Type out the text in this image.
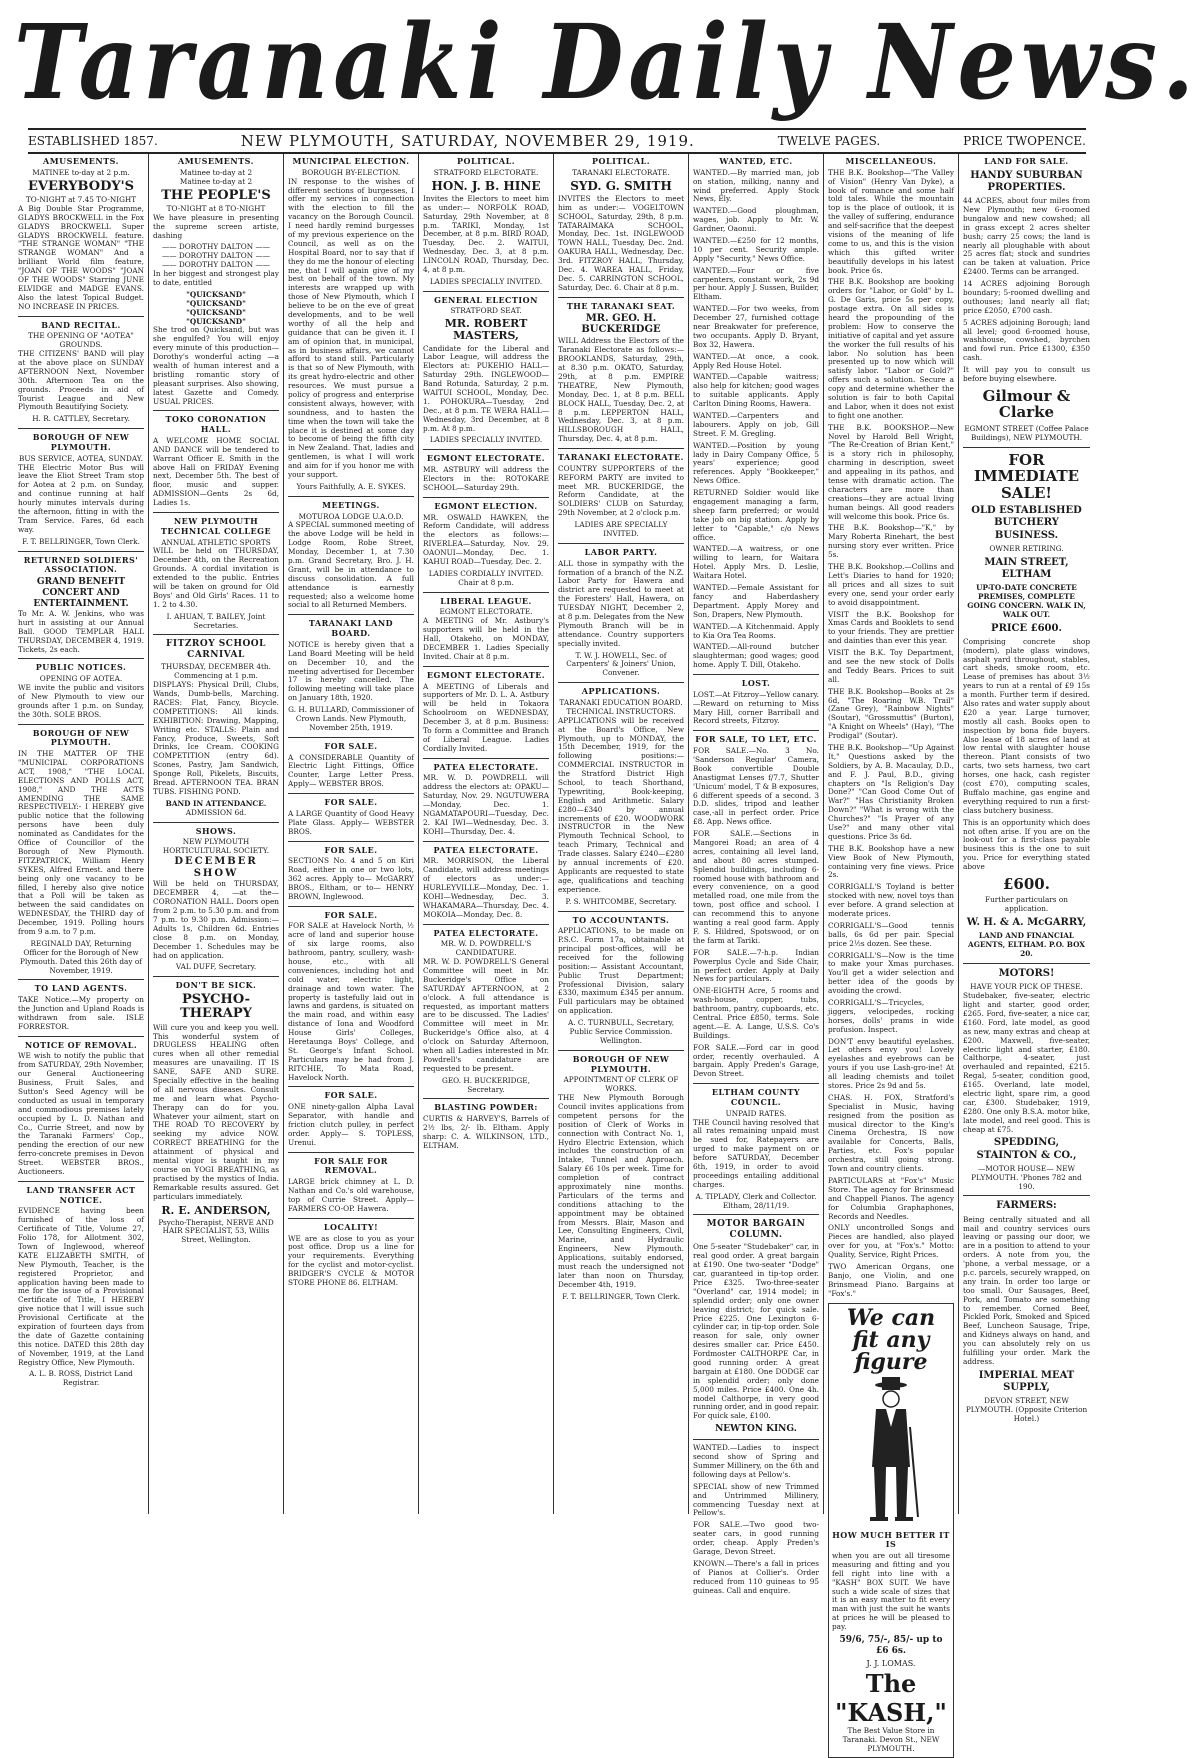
Taranaki Daily News.
ESTABLISHED 1857.	NEW PLYMOUTH, SATURDAY, NOVEMBER 29, 1919.	TWELVE PAGES.	PRICE TWOPENCE.
AMUSEMENTS.
MATINEE to-day at 2 p.m.
EVERYBODY'S
TO-NIGHT at 7.45 TO-NIGHT

A Big Double Star Programme, GLADYS BROCKWELL in the Fox GLADYS BROCKWELL Super GLADYS BROCKWELL feature. "THE STRANGE WOMAN" "THE STRANGE WOMAN" And a brilliant World film feature, "JOAN OF THE WOODS" "JOAN OF THE WOODS" Starring JUNE ELVIDGE and MADGE EVANS. Also the latest Topical Budget. NO INCREASE IN PRICES.

BAND RECITAL.
THE OPENING OF "AOTEA" GROUNDS.

THE CITIZENS' BAND will play at the above place on SUNDAY AFTERNOON Next, November 30th. Afternoon Tea on the grounds. Proceeds in aid of Tourist League and New Plymouth Beautifying Society.

H. R. CATTLEY, Secretary.
BOROUGH OF NEW PLYMOUTH.
BUS SERVICE, AOTEA, SUNDAY.

THE Electric Motor Bus will leave the Eliot Street Tram stop for Aotea at 2 p.m. on Sunday, and continue running at half hourly minutes intervals during the afternoon, fitting in with the Tram Service. Fares, 6d each way.

F. T. BELLRINGER, Town Clerk.
RETURNED SOLDIERS' ASSOCIATION.
GRAND BENEFIT CONCERT AND ENTERTAINMENT.

To Mr. A. W. Jenkins, who was hurt in assisting at our Annual Ball. GOOD TEMPLAR HALL THURSDAY, DECEMBER 4, 1919. Tickets, 2s each.

PUBLIC NOTICES.
OPENING OF AOTEA.

WE invite the public and visitors of New Plymouth to view our grounds after 1 p.m. on Sunday, the 30th. SOLE BROS.

BOROUGH OF NEW PLYMOUTH.

IN THE MATTER OF THE "MUNICIPAL CORPORATIONS ACT, 1908," "THE LOCAL ELECTIONS AND POLLS ACT, 1908," AND THE ACTS AMENDING THE SAME RESPECTIVELY:- I HEREBY give public notice that the following persons have been duly nominated as Candidates for the Office of Councillor of the Borough of New Plymouth. FITZPATRICK, William Henry SYKES, Alfred Ernest. and there being only one vacancy to be filled, I hereby also give notice that a Poll will be taken as between the said candidates on WEDNESDAY, the THIRD day of December, 1919. Polling hours from 9 a.m. to 7 p.m.

REGINALD DAY, Returning Officer for the Borough of New Plymouth. Dated this 26th day of November, 1919.
TO LAND AGENTS.

TAKE Notice.—My property on the Junction and Upland Roads is withdrawn from sale. ISLE FORRESTOR.

NOTICE OF REMOVAL.

WE wish to notify the public that from SATURDAY, 29th November, our General Auctioneering Business, Fruit Sales, and Sutton's Seed Agency will be conducted as usual in temporary and commodious premises lately occupied by L. D. Nathan and Co., Currie Street, and now by the Taranaki Farmers' Cop., pending the erection of our new ferro-concrete premises in Devon Street. WEBSTER BROS., Auctioneers.

LAND TRANSFER ACT NOTICE.

EVIDENCE having been furnished of the loss of Certificate of Title, Volume 27, Folio 178, for Allotment 302, Town of Inglewood, whereof KATE ELIZABETH SMITH, of New Plymouth, Teacher, is the registered Proprietor, and application having been made to me for the issue of a Provisional Certificate of Title, I HEREBY give notice that I will issue such Provisional Certificate at the expiration of fourteen days from the date of Gazette containing this notice. DATED this 28th day of November, 1919, at the Land Registry Office, New Plymouth.

A. L. B. ROSS, District Land Registrar.
AMUSEMENTS.
Matinee to-day at 2
Matinee to-day at 2
THE PEOPLE'S
TO-NIGHT at 8 TO-NIGHT

We have pleasure in presenting the supreme screen artiste, dashing

—— DOROTHY DALTON ——
—— DOROTHY DALTON ——
—— DOROTHY DALTON ——

In her biggest and strongest play to date, entitled

"QUICKSAND"
"QUICKSAND"
"QUICKSAND"
"QUICKSAND"

She trod on Quicksand, but was she engulfed? You will enjoy every minute of this production—Dorothy's wonderful acting —a wealth of human interest and a bristling romantic story of pleasant surprises. Also showing, latest Gazette and Comedy. USUAL PRICES.

TOKO CORONATION HALL.

A WELCOME HOME SOCIAL AND DANCE will be tendered to Warrant Officer E. Smith in the above Hall on FRIDAY Evening next, December 5th. The best of floor, music and supper. ADMISSION—Gents 2s 6d, Ladies 1s.

NEW PLYMOUTH TECHNICAL COLLEGE
ANNUAL ATHLETIC SPORTS

WILL be held on THURSDAY, December 4th, on the Recreation Grounds. A cordial invitation is extended to the public. Entries will be taken on ground for Old Boys' and Old Girls' Races. 11 to 1. 2 to 4.30.

I. AHUAN, T. BAILEY, Joint Secretaries.
FITZROY SCHOOL CARNIVAL
THURSDAY, DECEMBER 4th.
Commencing at 1 p.m.

DISPLAYS: Physical Drill, Clubs, Wands, Dumb-bells, Marching. RACES: Flat, Fancy, Bicycle. COMPETITIONS: All kinds. EXHIBITION: Drawing, Mapping, Writing etc. STALLS: Plain and Fancy, Produce, Sweets, Soft Drinks, Ice Cream. COOKING COMPETITION (entry 6d). Scones, Pastry, Jam Sandwich, Sponge Roll, Pikelets, Biscuits, Bread. AFTERNOON TEA. BRAN TUBS. FISHING POND.

BAND IN ATTENDANCE.
ADMISSION 6d.
SHOWS.
NEW PLYMOUTH HORTICULTURAL SOCIETY.
DECEMBER SHOW

Will be held on THURSDAY, DECEMBER 4, —at the— CORONATION HALL. Doors open from 2 p.m. to 5.30 p.m. and from 7 p.m. to 9.30 p.m. Admission:—Adults 1s, Children 6d. Entries close 8 p.m. on Monday, December 1. Schedules may be had on application.

VAL DUFF, Secretary.
DON'T BE SICK.
PSYCHO-THERAPY

Will cure you and keep you well. This wonderful system of DRUGLESS HEALING often cures when all other remedial measures are unavailing. IT IS SANE, SAFE AND SURE. Specially effective in the healing of all nervous diseases. Consult me and learn what Psycho-Therapy can do for you. Whatever your ailment, start on THE ROAD TO RECOVERY by seeking my advice NOW. CORRECT BREATHING for the attainment of physical and mental vigor is taught in my course on YOGI BREATHING, as practised by the mystics of India. Remarkable results assured. Get particulars immediately.

R. E. ANDERSON,
Psycho-Therapist, NERVE AND HAIR SPECIALIST, 53, Willis Street, Wellington.
MUNICIPAL ELECTION.
BOROUGH BY-ELECTION.

IN response to the wishes of different sections of burgesses, I offer my services in connection with the election to fill the vacancy on the Borough Council. I need hardly remind burgesses of my previous experience on the Council, as well as on the Hospital Board, nor to say that if they do me the honour of electing me, that I will again give of my best on behalf of the town. My interests are wrapped up with those of New Plymouth, which I believe to be on the eve of great developments, and to be well worthy of all the help and guidance that can be given it. I am of opinion that, in municipal, as in business affairs, we cannot afford to stand still. Particularly is that so of New Plymouth, with its great hydro-electric and other resources. We must pursue a policy of progress and enterprise consistent always, however, with soundness, and to hasten the time when the town will take the place it is destined at some day to become of being the fifth city in New Zealand. That, ladies and gentlemen, is what I will work and aim for if you honor me with your support.

Yours Faithfully, A. E. SYKES.
MEETINGS.
MOTUROA LODGE U.A.O.D.

A SPECIAL summoned meeting of the above Lodge will be held in Lodge Room, Robe Street, Monday, December 1, at 7.30 p.m. Grand Secretary, Bro. J. H. Grant, will be in attendance to discuss consolidation. A full attendance is earnestly requested; also a welcome home social to all Returned Members.

TARANAKI LAND BOARD.

NOTICE is hereby given that a Land Board Meeting will be held on December 10, and the meeting advertised for December 17 is hereby cancelled. The following meeting will take place on January 18th, 1920.

G. H. BULLARD, Commissioner of Crown Lands. New Plymouth, November 25th, 1919.
FOR SALE.

A CONSIDERABLE Quantity of Electric Light Fittings, Office Counter, Large Letter Press. Apply— WEBSTER BROS.

FOR SALE.

A LARGE Quantity of Good Heavy Plate Glass. Apply— WEBSTER BROS.

FOR SALE.

SECTIONS No. 4 and 5 on Kiri Road, either in one or two lots, 362 acres. Apply to— McGARRY BROS., Eltham, or to— HENRY BROWN, Inglewood.

FOR SALE.

FOR SALE at Havelock North, ½ acre of land and superior house of six large rooms, also bathroom, pantry, scullery, wash-house, etc., with all conveniences, including hot and cold water, electric light, drainage and town water. The property is tastefully laid out in lawns and gardens, is situated on the main road, and within easy distance of Iona and Woodford House Girls' Colleges, Heretaunga Boys' College, and St. George's Infant School. Particulars may be had from J. RITCHIE, To Mata Road, Havelock North.

FOR SALE.

ONE ninety-gallon Alpha Laval Separator, with handle and friction clutch pulley, in perfect order. Apply— S. TOPLESS, Urenui.

FOR SALE FOR REMOVAL.

LARGE brick chimney at L. D. Nathan and Co.'s old warehouse, top of Currie Street. Apply— FARMERS CO-OP. Hawera.

LOCALITY!

WE are as close to you as your post office. Drop us a line for your requirements. Everything for the cyclist and motor-cyclist. BRIDGER'S CYCLE & MOTOR STORE PHONE 86. ELTHAM.

POLITICAL.
STRATFORD ELECTORATE.
HON. J. B. HINE

Invites the Electors to meet him as under:— NORFOLK ROAD, Saturday, 29th November, at 8 p.m. TARIKI, Monday, 1st December, at 8 p.m. BIRD ROAD, Tuesday, Dec. 2. WAITUI, Wednesday, Dec. 3, at 8 p.m. LINCOLN ROAD, Thursday, Dec. 4, at 8 p.m.

LADIES SPECIALLY INVITED.
GENERAL ELECTION
STRATFORD SEAT.
MR. ROBERT MASTERS,

Candidate for the Liberal and Labor League, will address the Electors at: PUKEHIO HALL—Saturday 29th. INGLEWOOD—Band Rotunda, Saturday, 2 p.m. WAITUI SCHOOL, Monday, Dec. 1. POHOKURA—Tuesday, 2nd Dec., at 8 p.m. TE WERA HALL—Wednesday, 3rd December, at 8 p.m. At 8 p.m.

LADIES SPECIALLY INVITED.
EGMONT ELECTORATE.

MR. ASTBURY will address the Electors in the: ROTOKARE SCHOOL—Saturday 29th.

EGMONT ELECTION.

MR. OSWALD HAWKEN, the Reform Candidate, will address the electors as follows:— RIVERLEA—Saturday, Nov. 29. OAONUI—Monday, Dec. 1. KAHUI ROAD—Tuesday, Dec. 2.

LADIES CORDIALLY INVITED.
Chair at 8 p.m.
LIBERAL LEAGUE.
EGMONT ELECTORATE.

A MEETING of Mr. Astbury's supporters will be held in the Hall, Otakeho, on MONDAY, DECEMBER 1. Ladies Specially Invited. Chair at 8 p.m.

EGMONT ELECTORATE.

A MEETING of Liberals and supporters of Mr. D. L. A. Astbury will be held in Tokaora Schoolroom on WEDNESDAY, December 3, at 8 p.m. Business: To form a Committee and Branch of Liberal League. Ladies Cordially Invited.

PATEA ELECTORATE.

MR. W. D. POWDRELL will address the electors at: OPAKU—Saturday, Nov. 29. NGUTUWERA—Monday, Dec. 1. NGAMATAPOURI—Tuesday, Dec. 2. KAI IWI—Wednesday, Dec. 3. KOHI—Thursday, Dec. 4.

PATEA ELECTORATE.

MR. MORRISON, the Liberal Candidate, will address meetings of electors as under:— HURLEYVILLE—Monday, Dec. 1. KOHI—Wednesday, Dec. 3. WHAKAMARA—Thursday, Dec. 4. MOKOIA—Monday, Dec. 8.

PATEA ELECTORATE.
MR. W. D. POWDRELL'S CANDIDATURE.

MR. W. D. POWDRELL'S General Committee will meet in Mr. Buckeridge's Office on SATURDAY AFTERNOON, at 2 o'clock. A full attendance is requested, as important matters are to be discussed. The Ladies' Committee will meet in Mr. Buckeridge's Office also, at 4 o'clock on Saturday Afternoon, when all Ladies interested in Mr. Powdrell's candidature are requested to be present.

GEO. H. BUCKERIDGE, Secretary.
BLASTING POWDER:

CURTIS & HARVEY'S, Barrels of 2½ lbs, 2/- lb. Eltham. Apply sharp: C. A. WILKINSON, LTD., ELTHAM.

POLITICAL.
TARANAKI ELECTORATE.
SYD. G. SMITH

INVITES the Electors to meet him as under:— VOGELTOWN SCHOOL, Saturday, 29th, 8 p.m. TATARAIMAKA SCHOOL, Monday, Dec. 1st. INGLEWOOD TOWN HALL, Tuesday, Dec. 2nd. OAKURA HALL, Wednesday, Dec. 3rd. FITZROY HALL, Thursday, Dec. 4. WAREA HALL, Friday, Dec. 5. CARRINGTON SCHOOL, Saturday, Dec. 6. Chair at 8 p.m.

THE TARANAKI SEAT.
MR. GEO. H. BUCKERIDGE

WILL Address the Electors of the Taranaki Electorate as follows:— BROOKLANDS, Saturday, 29th, at 8.30 p.m. OKATO, Saturday, 29th, at 8 p.m. EMPIRE THEATRE, New Plymouth, Monday, Dec. 1, at 8 p.m. BELL BLOCK HALL, Tuesday, Dec. 2, at 8 p.m. LEPPERTON HALL, Wednesday, Dec. 3, at 8 p.m. HILLSBOROUGH HALL, Thursday, Dec. 4, at 8 p.m.

TARANAKI ELECTORATE.

COUNTRY SUPPORTERS of the REFORM PARTY are invited to meet MR. BUCKERIDGE, the Reform Candidate, at the SOLDIERS' CLUB on Saturday, 29th November, at 2 o'clock p.m.

LADIES ARE SPECIALLY INVITED.
LABOR PARTY.

ALL those in sympathy with the formation of a branch of the N.Z. Labor Party for Hawera and district are requested to meet at the Foresters' Hall, Hawera, on TUESDAY NIGHT, December 2, at 8 p.m. Delegates from the New Plymouth Branch will be in attendance. Country supporters specially invited.

T. W. J. HOWELL, Sec. of Carpenters' & Joiners' Union, Convener.
APPLICATIONS.
TARANAKI EDUCATION BOARD. TECHNICAL INSTRUCTORS.

APPLICATIONS will be received at the Board's Office, New Plymouth, up to MONDAY, the 15th December, 1919, for the following positions:— COMMERCIAL INSTRUCTOR in the Stratford District High School, to teach Shorthand, Typewriting, Book-keeping, English and Arithmetic. Salary £280—£340 by annual increments of £20. WOODWORK INSTRUCTOR in the New Plymouth Technical School, to teach Primary, Technical and Trade classes. Salary £240—£280 by annual increments of £20. Applicants are requested to state age, qualifications and teaching experience.

P. S. WHITCOMBE, Secretary.
TO ACCOUNTANTS.

APPLICATIONS, to be made on P.S.C. Form 17a, obtainable at principal post-offices, will be received for the following position:— Assistant Accountant, Public Trust Department; Professional Division, salary £330, maximum £345 per annum. Full particulars may be obtained on application.

A. C. TURNBULL, Secretary, Public Service Commission. Wellington.
BOROUGH OF NEW PLYMOUTH.
APPOINTMENT OF CLERK OF WORKS.

THE New Plymouth Borough Council invites applications from competent persons for the position of Clerk of Works in connection with Contract No. 1, Hydro Electric Extension, which includes the construction of an Intake, Tunnel and Approach. Salary £6 10s per week. Time for completion of contract approximately nine months. Particulars of the terms and conditions attaching to the appointment may be obtained from Messrs. Blair, Mason and Lee, Consulting Engineers, Civil, Marine, and Hydraulic Engineers, New Plymouth. Applications, suitably endorsed, must reach the undersigned not later than noon on Thursday, December 4th, 1919.

F. T. BELLRINGER, Town Clerk.
WANTED, ETC.

WANTED.—By married man, job on station, milking, nanny and wind preferred. Apply Stock News, Ely.

WANTED.—Good ploughman, wages, job. Apply to Mr. W. Gardner, Oaonui.

WANTED.—£250 for 12 months, 10 per cent. Security ample. Apply "Security," News Office.

WANTED.—Four or five carpenters, constant work, 2s 9d per hour. Apply J. Sussen, Builder, Eltham.

WANTED.—For two weeks, from December 27, furnished cottage near Breakwater for preference, two occupants. Apply D. Bryant, Box 32, Hawera.

WANTED.—At once, a cook. Apply Red House Hotel.

WANTED.—Capable waitress; also help for kitchen; good wages to suitable applicants. Apply Carlton Dining Rooms, Hawera.

WANTED.—Carpenters and labourers. Apply on job, Gill Street. F. M. Gregling.

WANTED.—Position by young lady in Dairy Company Office, 5 years' experience; good references. Apply "Bookkeeper," News Office.

RETURNED Soldier would like engagement managing a farm, sheep farm preferred; or would take job on big station. Apply by letter to "Capable," c/o News office.

WANTED.—A waitress, or one willing to learn, for Waitara Hotel. Apply Mrs. D. Leslie, Waitara Hotel.

WANTED.—Female Assistant for fancy and Haberdashery Department. Apply Morey and Son, Drapers, New Plymouth.

WANTED.—A Kitchenmaid. Apply to Kia Ora Tea Rooms.

WANTED.—All-round butcher slaughterman; good wages; good home. Apply T. Dill, Otakeho.

LOST.

LOST.—At Fitzroy—Yellow canary.—Reward on returning to Miss Mary Hill, corner Barriball and Record streets, Fitzroy.

FOR SALE, TO LET, ETC.

FOR SALE.—No. 3 No. 'Sanderson Regular' Camera, Book convertible Double Anastigmat Lenses f/7.7, Shutter 'Unicum' model, T & B exposures, 6 different speeds of a second. 3 D.D. slides, tripod and leather case,-all in perfect order. Price £8. App. News office.

FOR SALE.—Sections in Mangorei Road; an area of 4 acres, containing all level land, and about 80 acres stumped. Splendid buildings, including 6-roomed house with bathroom and every convenience, on a good metalled road, one mile from the town, post office and school. I can recommend this to anyone wanting a real good farm. Apply F. S. Hildred, Spotswood, or on the farm at Tariki.

FOR SALE.—7-h.p. Indian Powerplus Cycle and Side Chair, in perfect order. Apply at Daily News for particulars.

ONE-EIGHTH Acre, 5 rooms and wash-house, copper, tubs, bathroom, pantry, cupboards, etc. Central. Price £850, terms. Sole agent.—E. A. Lange, U.S.S. Co's Buildings.

FOR SALE.—Ford car in good order, recently overhauled. A bargain. Apply Preden's Garage, Devon Street.

ELTHAM COUNTY COUNCIL.
UNPAID RATES.

THE Council having resolved that all rates remaining unpaid must be sued for, Ratepayers are urged to make payment on or before SATURDAY, December 6th, 1919, in order to avoid proceedings entailing additional charges.

A. TIPLADY, Clerk and Collector. Eltham, 28/11/19.
MOTOR BARGAIN COLUMN.

One 5-seater "Studebaker" car, in real good order. A great bargain at £190. One two-seater "Dodge" car, guaranteed in tip-top order. Price £325. Two-three-seater "Overland" car, 1914 model; in splendid order; only one owner leaving district; for quick sale. Price £225. One Lexington 6-cylinder car, in tip-top order. Sole reason for sale, only owner desires smaller car. Price £450. Fordmoster CALTHORPE Car, in good running order. A great bargain at £180. One DODGE car in splendid order; only done 5,000 miles. Price £400. One 4h. model Calthorpe, in very good running order, and in good repair. For quick sale, £100.

NEWTON KING.

WANTED.—Ladies to inspect second show of Spring and Summer Millinery, on the 6th and following days at Pellow's.

SPECIAL show of new Trimmed and Untrimmed Millinery, commencing Tuesday next at Pellow's.

FOR SALE.—Two good two-seater cars, in good running order, cheap. Apply Preden's Garage, Devon Street.

KNOWN.—There's a fall in prices of Pianos at Collier's. Order reduced from 110 guineas to 95 guineas. Call and enquire.

MISCELLANEOUS.

THE B.K. Bookshop—"The Valley of Vision" (Henry Van Dyke), a book of romance and some half told tales. While the mountain top is the place of outlook, it is the valley of suffering, endurance and self-sacrifice that the deepest visions of the meaning of life come to us, and this is the vision which this gifted writer beautifully develops in his latest book. Price 6s.

THE B.K. Bookshop are booking orders for "Labor, or Gold" by L. G. De Garis, price 5s per copy, postage extra. On all sides is heard the propounding of the problem: How to conserve the initiative of capital and yet assure the worker the full results of his labor. No solution has been presented up to now which will satisfy labor. "Labor or Gold?" offers such a solution. Secure a copy and determine whether the solution is fair to both Capital and Labor, when it does not exist to fight one another.

THE B.K. BOOKSHOP.—New Novel by Harold Bell Wright, "The Re-Creation of Brian Kent," is a story rich in philosophy, charming in description, sweet and appealing in its pathos, and tense with dramatic action. The characters are more than creations—they are actual living human beings. All good readers will welcome this book. Price 6s.

THE B.K. Bookshop—"K," by Mary Roberta Rinehart, the best nursing story ever written. Price 5s.

THE B.K. Bookshop.—Collins and Lett's Diaries to hand for 1920; all prices and all sizes to suit every one, send your order early to avoid disappointment.

VISIT the B.K. Bookshop for Xmas Cards and Booklets to send to your friends. They are prettier and dainties than ever this year.

VISIT the B.K. Toy Department, and see the new stock of Dolls and Teddy Bears. Prices to suit all.

THE B.K. Bookshop—Books at 2s 6d, "The Roaring W.B. Trail" (Zane Grey), "Rainbow Nights" (Soutar), "Grossmuttis" (Burton), "A Knight on Wheels" (Hay), "The Prodigal" (Soutar).

THE B.K. Bookshop—"Up Against It," Questions asked by the Soldiers, by A. B. Macaulay, D.D., and F. J. Paul, B.D., giving chapters on "Is Religion's Day Done?" "Can Good Come Out of War?" "Has Christianity Broken Down?" "What is wrong with the Churches?" "Is Prayer of any Use?" and many other vital questions. Price 3s 6d.

THE B.K. Bookshop have a new View Book of New Plymouth, containing very fine views. Price 2s.

CORRIGALL'S Toyland is better stocked with new, novel toys than ever before. A grand selection at moderate prices.

CORRIGALL'S—Good tennis balls, 6s 6d per pair. Special price 2½s dozen. See these.

CORRIGALL'S—Now is the time to make your Xmas purchases. You'll get a wider selection and better idea of the goods by avoiding the crowd.

CORRIGALL'S—Tricycles, jiggers, velocipedes, rocking horses, dolls' prams in wide profusion. Inspect.

DON'T envy beautiful eyelashes. Let others envy you! Lovely eyelashes and eyebrows can be yours if you use Lash-gro-ine! At all leading chemists and toilet stores. Price 2s 9d and 5s.

CHAS. H. FOX, Stratford's Specialist in Music, having resigned from the position as musical director to the King's Cinema Orchestra, IS now available for Concerts, Balls, Parties, etc. Fox's popular orchestra, still going strong. Town and country clients.

PARTICULARS at "Fox's" Music Store. The agency for Brinsmead and Chappell Pianos. The agency for Columbia Graphaphones, Records and Needles.

ONLY uncontrolled Songs and Pieces are handled, also played over for you, at "Fox's." Motto: Quality, Service, Right Prices.

TWO American Organs, one Banjo, one Violin, and one Brinsmead Piano. Bargains at "Fox's."

We can fit any
figure
HOW MUCH BETTER IT IS

when you are out all tiresome measuring and fitting and you fell right into line with a "KASH" BOX SUIT. We have such a wide scale of sizes that it is an easy matter to fit every man with just the suit he wants at prices he will be pleased to pay.

59/6, 75/-, 85/- up to £6 6s.
J. J. LOMAS.
The "KASH,"
The Best Value Store in Taranaki. Devon St., NEW PLYMOUTH.
LAND FOR SALE.
HANDY SUBURBAN PROPERTIES.

44 ACRES, about four miles from New Plymouth; new 6-roomed bungalow and new cowshed; all in grass except 2 acres shelter bush; carry 25 cows; the land is nearly all ploughable with about 25 acres flat; stock and sundries can be taken at valuation. Price £2400. Terms can be arranged.

14 ACRES adjoining Borough boundary; 5-roomed dwelling and outhouses; land nearly all flat; price £2050, £700 cash.

5 ACRES adjoining Borough; land all level; good 6-roomed house, washhouse, cowshed, byrchen and fowl run. Price £1300, £350 cash.

It will pay you to consult us before buying elsewhere.

Gilmour & Clarke
EGMONT STREET (Coffee Palace Buildings), NEW PLYMOUTH.
FOR IMMEDIATE SALE!
OLD ESTABLISHED BUTCHERY BUSINESS.
OWNER RETIRING.
MAIN STREET, ELTHAM
UP-TO-DATE CONCRETE PREMISES, COMPLETE GOING CONCERN. WALK IN, WALK OUT.
PRICE £600.

Comprising concrete shop (modern), plate glass windows, asphalt yard throughout, stables, cart sheds, smoke room, etc. Lease of premises has about 3½ years to run at a rental of £9 15s a month. Further term if desired. Also rates and water supply about £20 a year. Large turnover, mostly all cash. Books open to inspection by bona fide buyers. Also lease of 18 acres of land at low rental with slaughter house thereon. Plant consists of two carts, two sets harness, two cart horses, one hack, cash register (cost £70), computing scales, Buffalo machine, gas engine and everything required to run a first-class butchery business.

This is an opportunity which does not often arise. If you are on the look-out for a first-class payable business this is the one to suit you. Price for everything stated above

£600.
Further particulars on application.
W. H. & A. McGARRY,
LAND AND FINANCIAL AGENTS, ELTHAM. P.O. BOX 20.
MOTORS!
HAVE YOUR PICK OF THESE.

Studebaker, five-seater, electric light and starter, good order, £265. Ford, five-seater, a nice car, £160. Ford, late model, as good as new, many extras and cheap at £200. Maxwell, five-seater, electric light and starter, £180. Calthorpe, 4-seater, just overhauled and repainted, £215. Regal, 5-seater, condition good, £165. Overland, late model, electric light, spare rim, a good car, £300. Studebaker, 1919, £280. One only B.S.A. motor bike, late model, and reel good. This is cheap at £75.

SPEDDING, STAINTON & CO.,
—MOTOR HOUSE— NEW PLYMOUTH. 'Phones 782 and 190.
FARMERS:

Being centrally situated and all mail and country services ours leaving or passing our door, we are in a position to attend to your orders. A note from you, the 'phone, a verbal message, or a p.c. parcels, securely wrapped, on any train. In order too large or too small. Our Sausages, Beef, Pork, and Tomato are something to remember. Corned Beef, Pickled Pork, Smoked and Spiced Beef, Luncheon Sausage, Tripe, and Kidneys always on hand, and you can absolutely rely on us fulfilling your order. Mark the address.

IMPERIAL MEAT SUPPLY,
DEVON STREET, NEW PLYMOUTH. (Opposite Criterion Hotel.)
